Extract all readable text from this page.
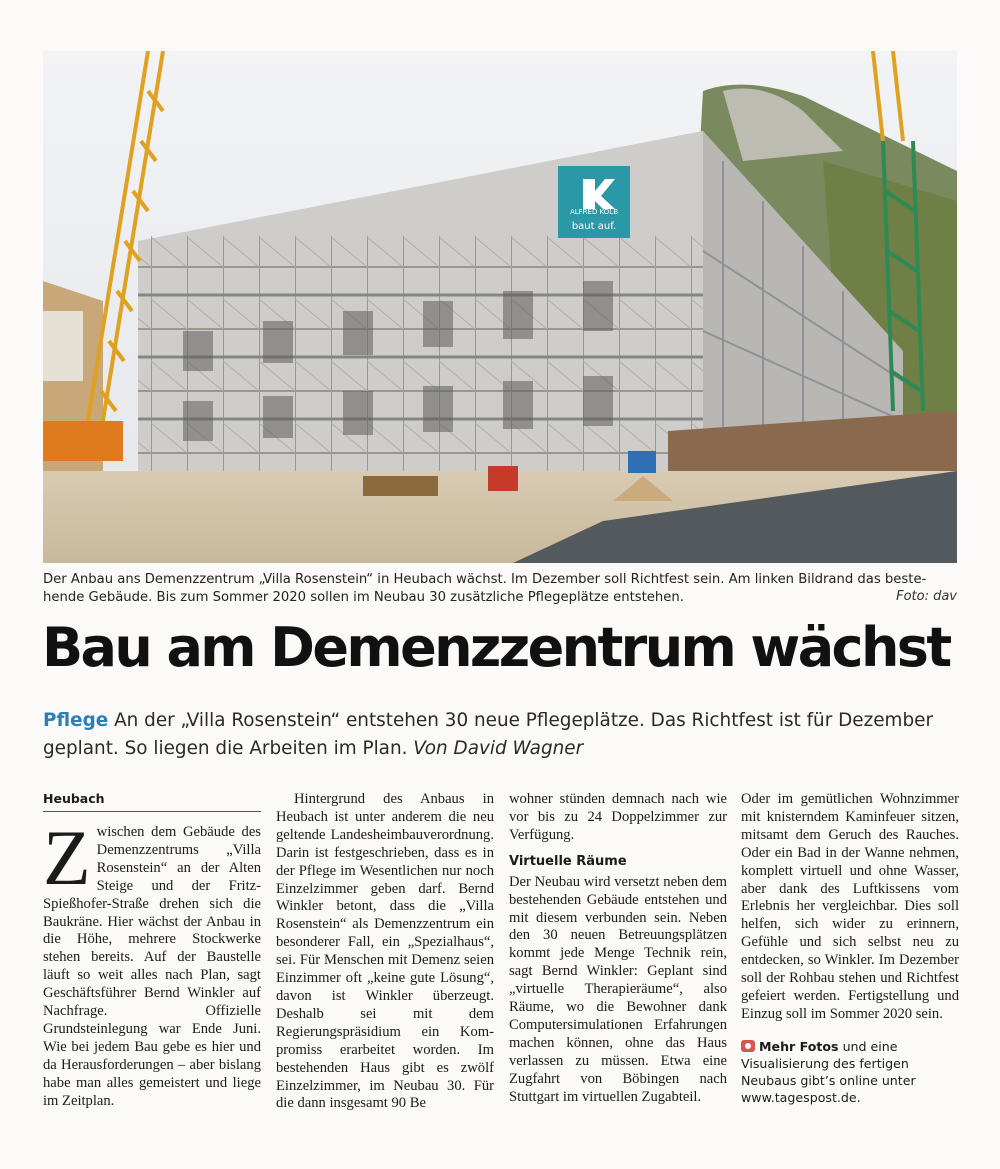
ALFRED KOLB
baut auf.
Der Anbau ans Demenzzentrum „Villa Rosenstein“ in Heubach wächst. Im Dezember soll Richtfest sein. Am linken Bildrand das beste-
hende Gebäude. Bis zum Sommer 2020 sollen im Neubau 30 zusätzliche Pflegeplätze entstehen.	Foto: dav
Bau am Demenzzentrum wächst
Pflege An der „Villa Rosenstein“ entstehen 30 neue Pflegeplätze. Das Richtfest ist für Dezember geplant. So liegen die Arbeiten im Plan. Von David Wagner
Heubach

Zwischen dem Gebäude des Demenzzentrums „Villa Rosenstein“ an der Alten Steige und der Fritz-Spießhofer-Straße drehen sich die Baukräne. Hier wächst der Anbau in die Höhe, mehrere Stockwerke stehen bereits. Auf der Baustelle läuft so weit alles nach Plan, sagt Geschäftsführer Bernd Winkler auf Nachfrage. Offizielle Grundsteinlegung war Ende Juni. Wie bei jedem Bau gebe es hier und da Herausforderungen – aber bislang habe man alles gemeistert und liege im Zeitplan.

Hintergrund des Anbaus in Heubach ist unter anderem die neu geltende Landesheimbauverordnung. Darin ist festgeschrieben, dass es in der Pflege im Wesentlichen nur noch Einzelzimmer geben darf. Bernd Winkler betont, dass die „Villa Rosenstein“ als Demenzzentrum ein besonderer Fall, ein „Spezialhaus“, sei. Für Menschen mit Demenz seien Einzimmer oft „keine gute Lösung“, davon ist Winkler überzeugt. Deshalb sei mit dem Regierungspräsidium ein Kompromiss erarbeitet worden. Im bestehenden Haus gibt es zwölf Einzelzimmer, im Neubau 30. Für die dann insgesamt 90 Be

wohner stünden demnach nach wie vor bis zu 24 Doppelzimmer zur Verfügung.

Virtuelle Räume

Der Neubau wird versetzt neben dem bestehenden Gebäude entstehen und mit diesem verbunden sein. Neben den 30 neuen Betreuungsplätzen kommt jede Menge Technik rein, sagt Bernd Winkler: Geplant sind „virtuelle Therapieräume“, also Räume, wo die Bewohner dank Computersimulationen Erfahrungen machen können, ohne das Haus verlassen zu müssen. Etwa eine Zugfahrt von Böbingen nach Stuttgart im virtuellen Zugabteil.

Oder im gemütlichen Wohnzimmer mit knisterndem Kaminfeuer sitzen, mitsamt dem Geruch des Rauches. Oder ein Bad in der Wanne nehmen, komplett virtuell und ohne Wasser, aber dank des Luftkissens vom Erlebnis her vergleichbar. Dies soll helfen, sich wider zu erinnern, Gefühle und sich selbst neu zu entdecken, so Winkler. Im Dezember soll der Rohbau stehen und Richtfest gefeiert werden. Fertigstellung und Einzug soll im Sommer 2020 sein.

Mehr Fotos und eine Visualisierung des fertigen Neubaus gibt’s online unter www.tagespost.de.
